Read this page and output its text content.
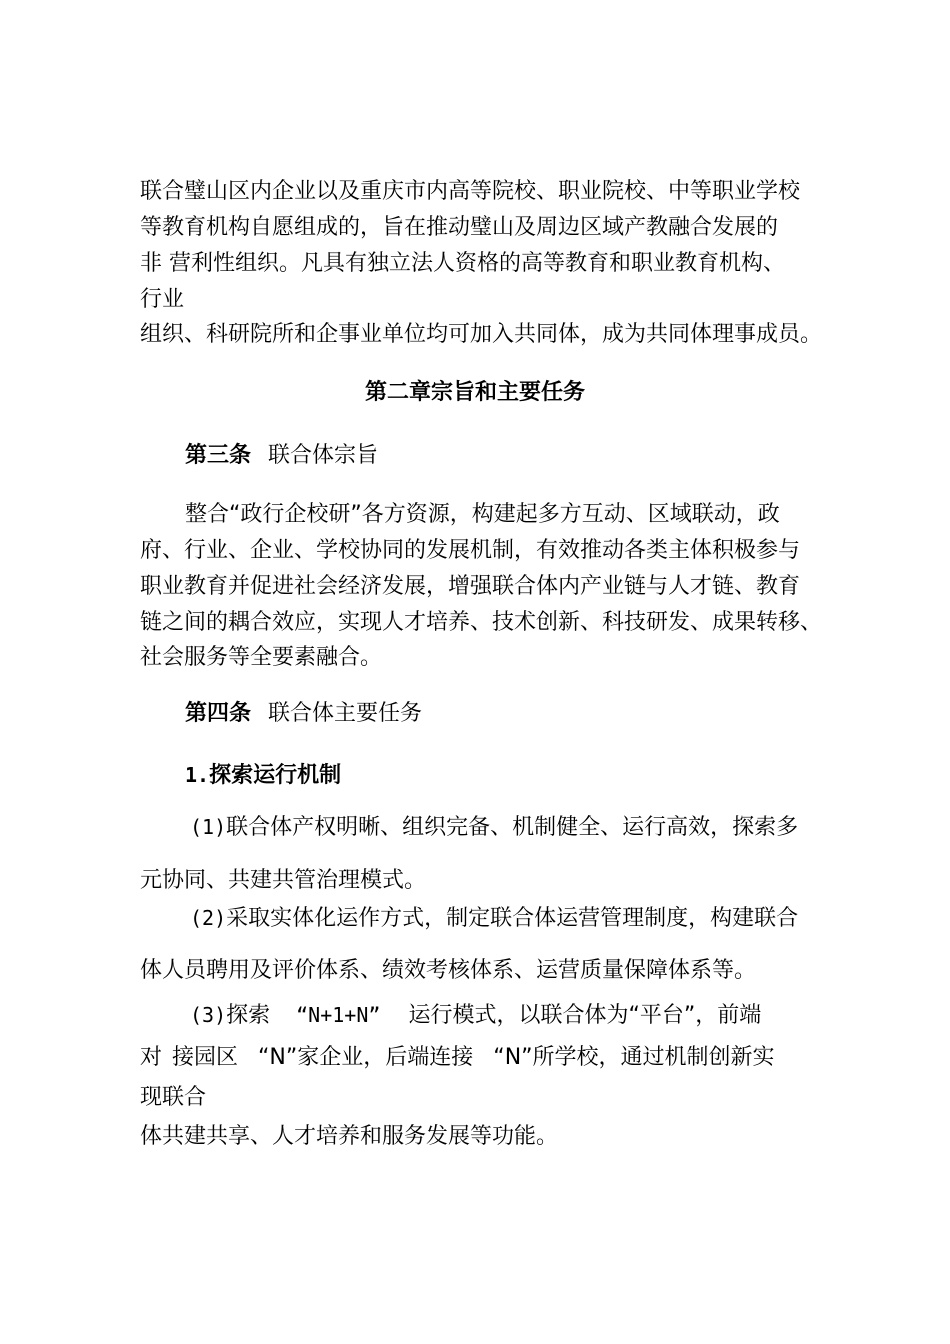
联合璧山区内企业以及重庆市内高等院校、职业院校、中等职业学校
等教育机构自愿组成的，旨在推动璧山及周边区域产教融合发展的
非 营利性组织。凡具有独立法人资格的高等教育和职业教育机构、
行业
组织、科研院所和企事业单位均可加入共同体，成为共同体理事成员。
第二章宗旨和主要任务
第三条 联合体宗旨
整合“政行企校研”各方资源，构建起多方互动、区域联动，政
府、行业、企业、学校协同的发展机制，有效推动各类主体积极参与
职业教育并促进社会经济发展，增强联合体内产业链与人才链、教育
链之间的耦合效应，实现人才培养、技术创新、科技研发、成果转移、
社会服务等全要素融合。
第四条 联合体主要任务
1.探索运行机制
(1)联合体产权明晰、组织完备、机制健全、运行高效，探索多
元协同、共建共管治理模式。
(2)采取实体化运作方式，制定联合体运营管理制度，构建联合
体人员聘用及评价体系、绩效考核体系、运营质量保障体系等。
(3)探索 “N+1+N” 运行模式，以联合体为“平台”，前端
对 接园区 “N”家企业，后端连接 “N”所学校，通过机制创新实
现联合
体共建共享、人才培养和服务发展等功能。
